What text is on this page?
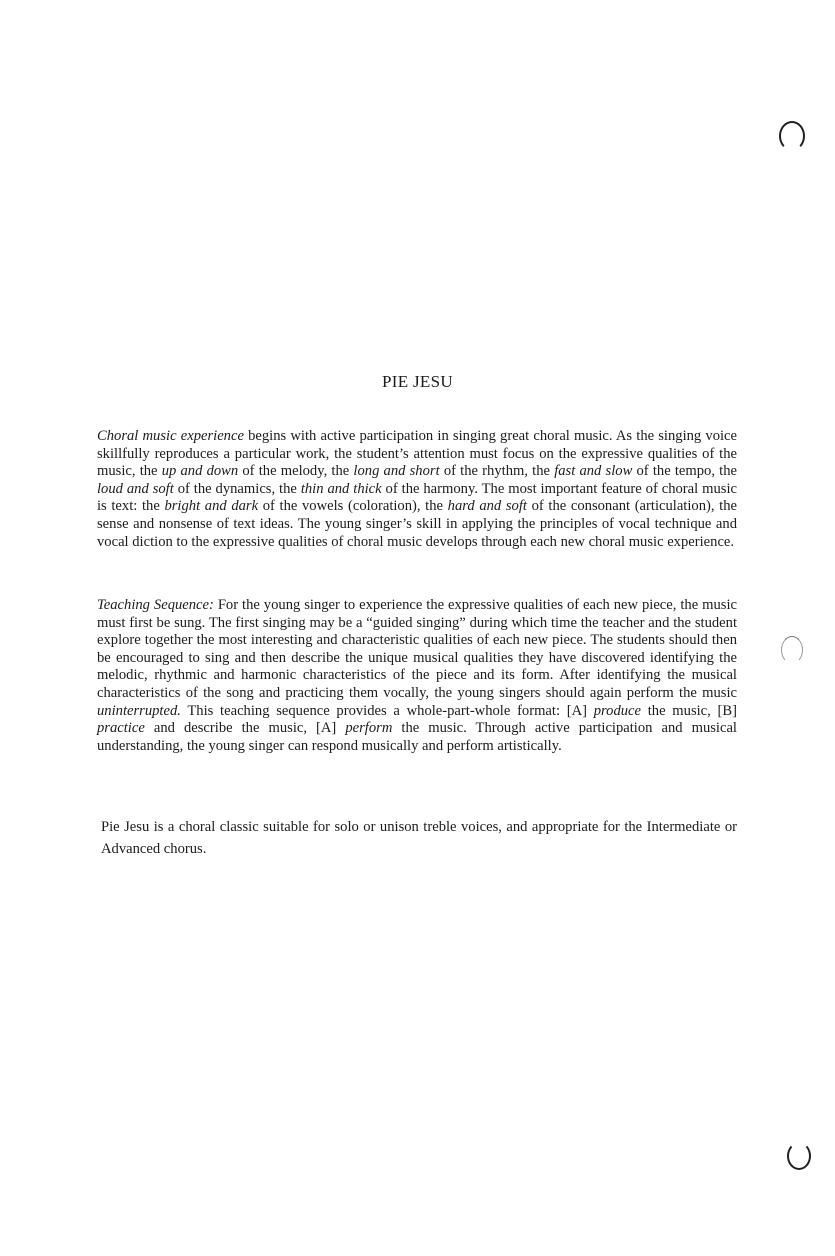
PIE JESU

Choral music experience begins with active participation in singing great choral music. As the singing voice skillfully reproduces a particular work, the student’s attention must focus on the expressive qualities of the music, the up and down of the melody, the long and short of the rhythm, the fast and slow of the tempo, the loud and soft of the dynamics, the thin and thick of the harmony. The most important feature of choral music is text: the bright and dark of the vowels (coloration), the hard and soft of the consonant (articulation), the sense and nonsense of text ideas. The young singer’s skill in applying the principles of vocal technique and vocal diction to the expressive qualities of choral music develops through each new choral music experience.

Teaching Sequence: For the young singer to experience the expressive qualities of each new piece, the music must first be sung. The first singing may be a “guided singing” during which time the teacher and the student explore together the most interesting and characteristic qualities of each new piece. The students should then be encouraged to sing and then describe the unique musical qualities they have discovered identifying the melodic, rhythmic and harmonic characteristics of the piece and its form. After identifying the musical characteristics of the song and practicing them vocally, the young singers should again perform the music uninterrupted. This teaching sequence provides a whole-part-whole format: [A] produce the music, [B] practice and describe the music, [A] perform the music. Through active participation and musical understanding, the young singer can respond musically and perform artistically.

Pie Jesu is a choral classic suitable for solo or unison treble voices, and appropriate for the Intermediate or Advanced chorus.
